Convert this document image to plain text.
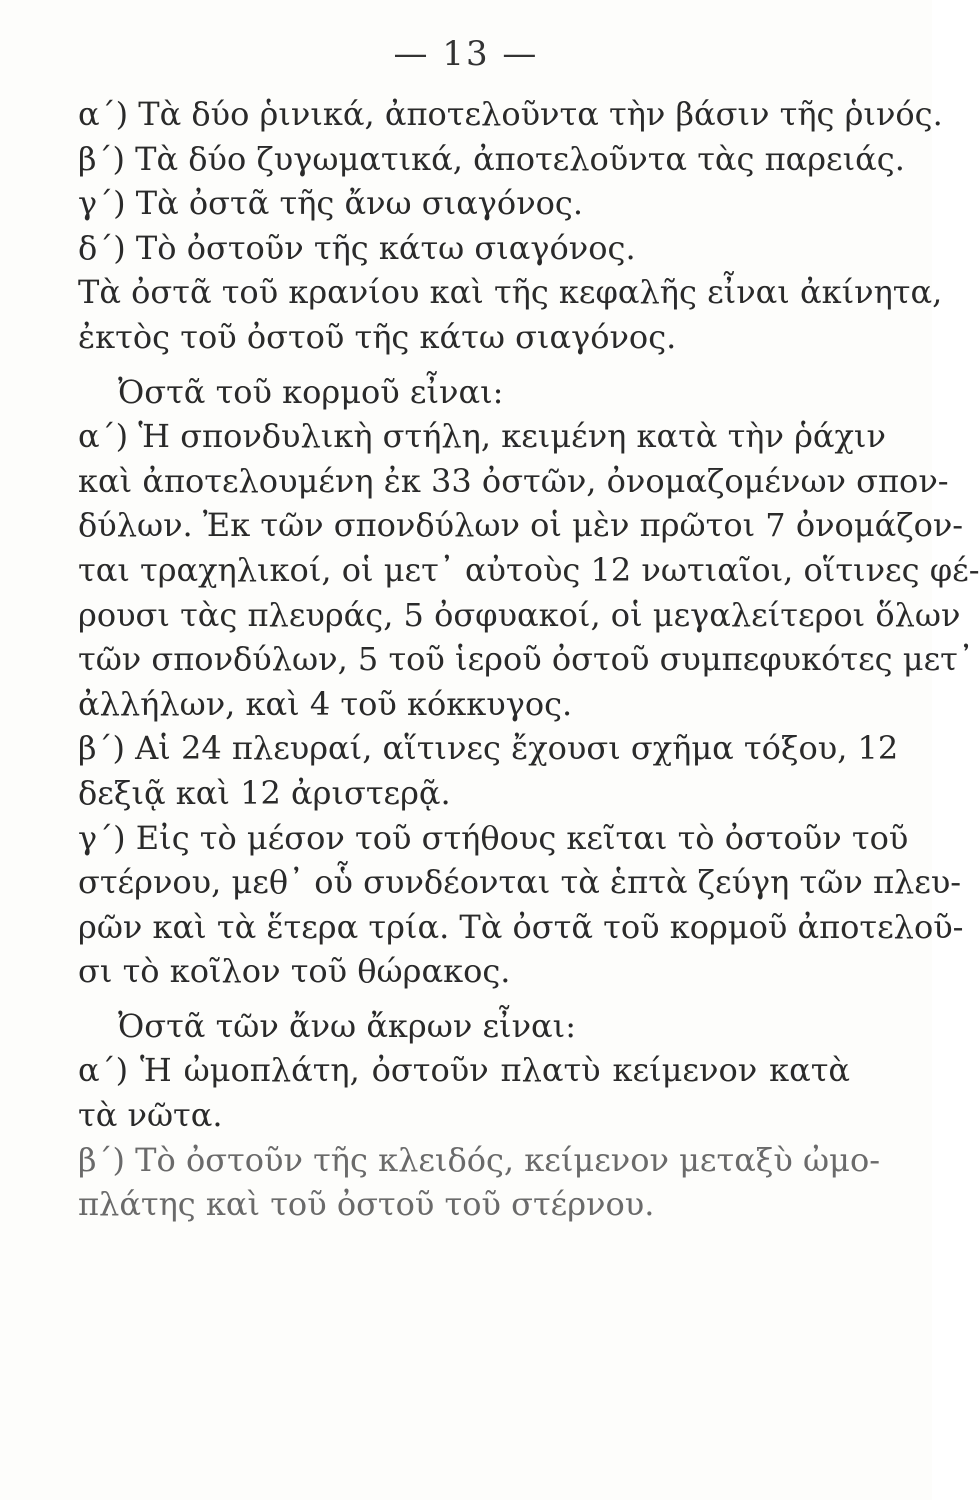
— 13 —
α΄) Τὰ δύο ῥινικά, ἀποτελοῦντα τὴν βάσιν τῆς ῥινός.
β΄) Τὰ δύο ζυγωματικά, ἀποτελοῦντα τὰς παρειάς.
γ΄) Τὰ ὀστᾶ τῆς ἄνω σιαγόνος.
δ΄) Τὸ ὀστοῦν τῆς κάτω σιαγόνος.
Τὰ ὀστᾶ τοῦ κρανίου καὶ τῆς κεφαλῆς εἶναι ἀκίνητα,
ἐκτὸς τοῦ ὀστοῦ τῆς κάτω σιαγόνος.
Ὀστᾶ τοῦ κορμοῦ εἶναι:
α΄) Ἡ σπονδυλικὴ στήλη, κειμένη κατὰ τὴν ῥάχιν
καὶ ἀποτελουμένη ἐκ 33 ὀστῶν, ὀνομαζομένων σπον-
δύλων. Ἐκ τῶν σπονδύλων οἱ μὲν πρῶτοι 7 ὀνομάζον-
ται τραχηλικοί, οἱ μετ᾽ αὐτοὺς 12 νωτιαῖοι, οἵτινες φέ-
ρουσι τὰς πλευράς, 5 ὀσφυακοί, οἱ μεγαλείτεροι ὅλων
τῶν σπονδύλων, 5 τοῦ ἱεροῦ ὀστοῦ συμπεφυκότες μετ᾽
ἀλλήλων, καὶ 4 τοῦ κόκκυγος.
β΄) Αἱ 24 πλευραί, αἵτινες ἔχουσι σχῆμα τόξου, 12
δεξιᾷ καὶ 12 ἀριστερᾷ.
γ΄) Εἰς τὸ μέσον τοῦ στήθους κεῖται τὸ ὀστοῦν τοῦ
στέρνου, μεθ᾽ οὗ συνδέονται τὰ ἑπτὰ ζεύγη τῶν πλευ-
ρῶν καὶ τὰ ἕτερα τρία. Τὰ ὀστᾶ τοῦ κορμοῦ ἀποτελοῦ-
σι τὸ κοῖλον τοῦ θώρακος.
Ὀστᾶ τῶν ἄνω ἄκρων εἶναι:
α΄) Ἡ ὠμοπλάτη, ὀστοῦν πλατὺ κείμενον κατὰ
τὰ νῶτα.
β΄) Τὸ ὀστοῦν τῆς κλειδός, κείμενον μεταξὺ ὠμο-
πλάτης καὶ τοῦ ὀστοῦ τοῦ στέρνου.
